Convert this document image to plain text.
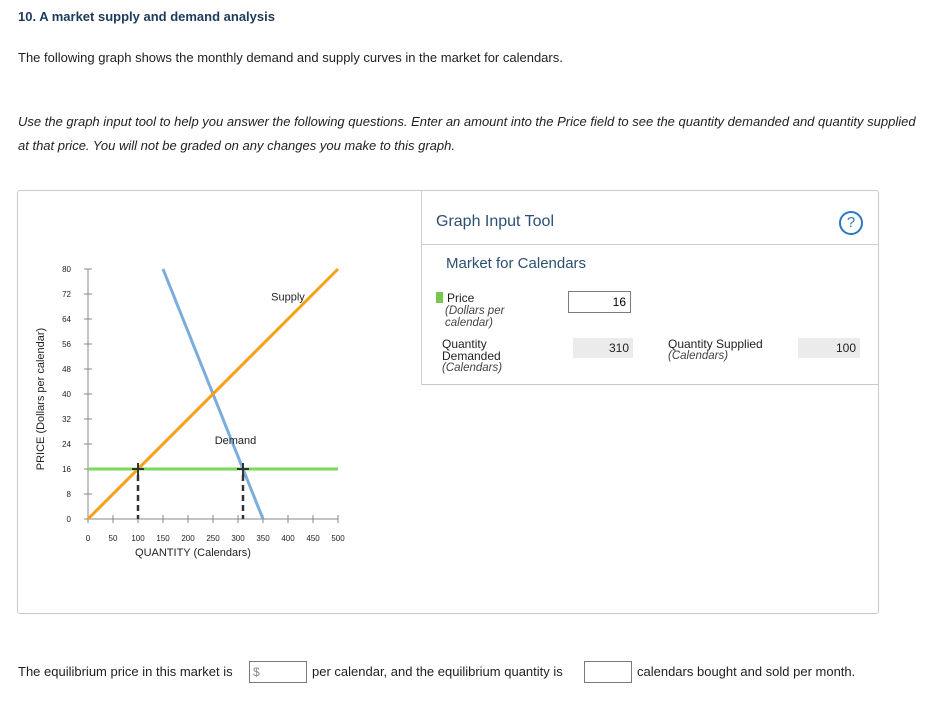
10. A market supply and demand analysis
The following graph shows the monthly demand and supply curves in the market for calendars.
Use the graph input tool to help you answer the following questions. Enter an amount into the Price field to see the quantity demanded and quantity supplied at that price. You will not be graded on any changes you make to this graph.
0
8
16
24
32
40
48
56
64
72
80
0 50 100 150 200 250 300 350 400 450 500
QUANTITY (Calendars)
PRICE (Dollars per calendar)
Supply
Demand
Graph Input Tool	?
Market for Calendars
Price
(Dollars per
calendar)
16
Quantity
Demanded
(Calendars)
310	Quantity Supplied
(Calendars)
100
The equilibrium price in this market is $	per calendar, and the equilibrium quantity is	calendars bought and sold per month.
